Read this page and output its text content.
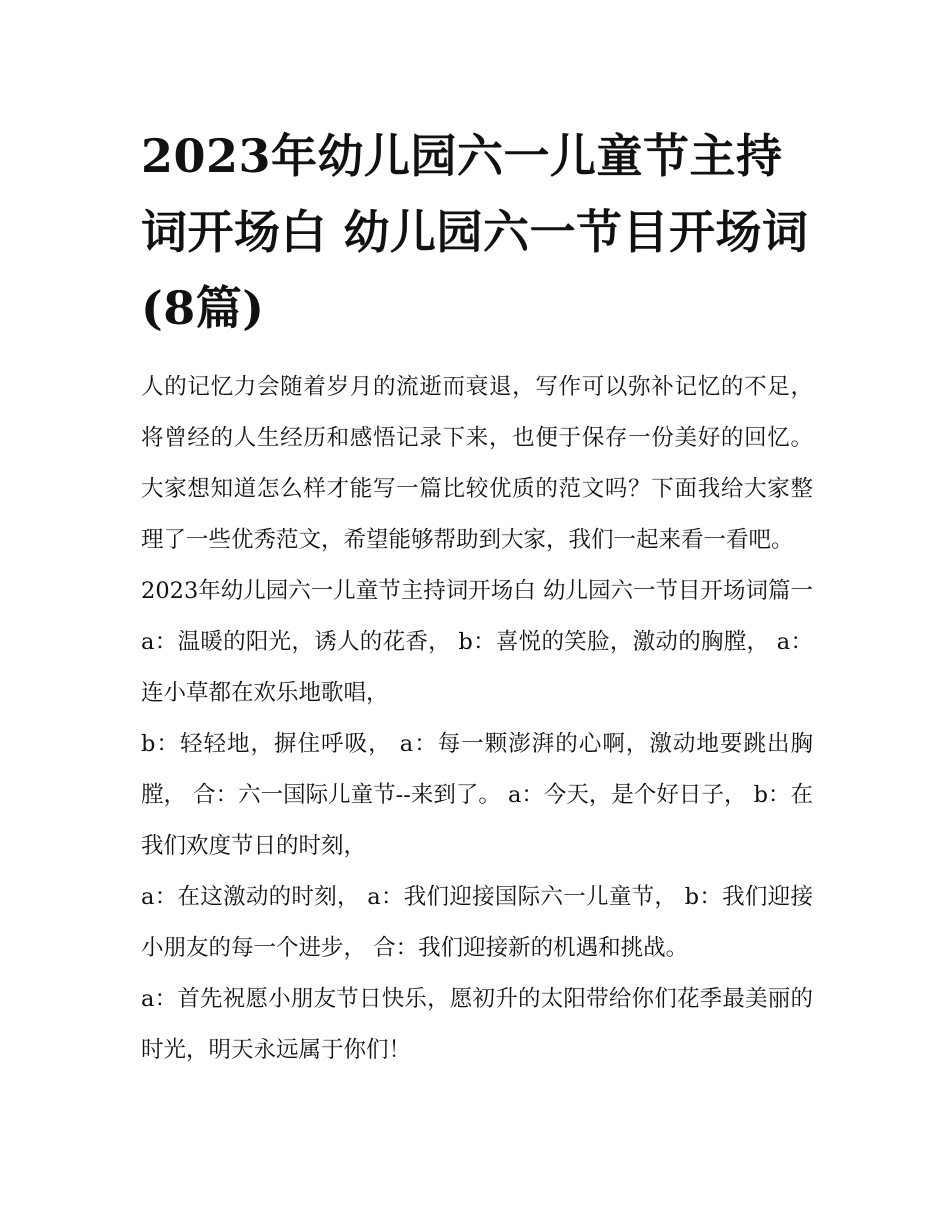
2023年幼儿园六一儿童节主持词开场白 幼儿园六一节目开场词(8篇)

人的记忆力会随着岁月的流逝而衰退，写作可以弥补记忆的不足，将曾经的人生经历和感悟记录下来，也便于保存一份美好的回忆。大家想知道怎么样才能写一篇比较优质的范文吗？下面我给大家整理了一些优秀范文，希望能够帮助到大家，我们一起来看一看吧。

2023年幼儿园六一儿童节主持词开场白 幼儿园六一节目开场词篇一 a：温暖的阳光，诱人的花香， b：喜悦的笑脸，激动的胸膛， a：连小草都在欢乐地歌唱，

b：轻轻地，摒住呼吸， a：每一颗澎湃的心啊，激动地要跳出胸膛， 合：六一国际儿童节--来到了。 a：今天，是个好日子， b：在我们欢度节日的时刻，

a：在这激动的时刻， a：我们迎接国际六一儿童节， b：我们迎接小朋友的每一个进步， 合：我们迎接新的机遇和挑战。

a：首先祝愿小朋友节日快乐，愿初升的太阳带给你们花季最美丽的时光，明天永远属于你们！
